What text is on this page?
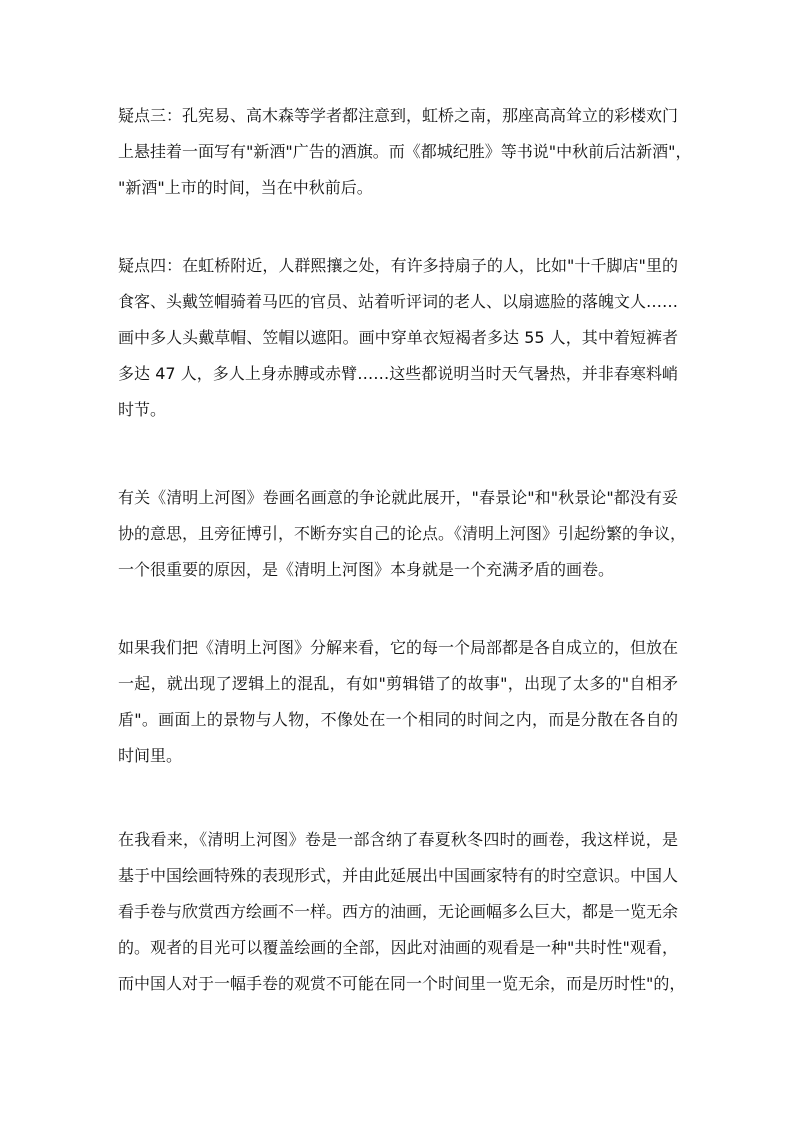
疑点三：孔宪易、高木森等学者都注意到，虹桥之南，那座高高耸立的彩楼欢门
上悬挂着一面写有"新酒"广告的酒旗。而《都城纪胜》等书说"中秋前后沽新酒"，
"新酒"上市的时间，当在中秋前后。
疑点四：在虹桥附近，人群熙攘之处，有许多持扇子的人，比如"十千脚店"里的
食客、头戴笠帽骑着马匹的官员、站着听评词的老人、以扇遮脸的落魄文人……
画中多人头戴草帽、笠帽以遮阳。画中穿单衣短褐者多达 55 人，其中着短裤者
多达 47 人，多人上身赤膊或赤臂……这些都说明当时天气暑热，并非春寒料峭
时节。
有关《清明上河图》卷画名画意的争论就此展开，"春景论"和"秋景论"都没有妥
协的意思，且旁征博引，不断夯实自己的论点。《清明上河图》引起纷繁的争议，
一个很重要的原因，是《清明上河图》本身就是一个充满矛盾的画卷。
如果我们把《清明上河图》分解来看，它的每一个局部都是各自成立的，但放在
一起，就出现了逻辑上的混乱，有如"剪辑错了的故事"，出现了太多的"自相矛
盾"。画面上的景物与人物，不像处在一个相同的时间之内，而是分散在各自的
时间里。
在我看来，《清明上河图》卷是一部含纳了春夏秋冬四时的画卷，我这样说，是
基于中国绘画特殊的表现形式，并由此延展出中国画家特有的时空意识。中国人
看手卷与欣赏西方绘画不一样。西方的油画，无论画幅多么巨大，都是一览无余
的。观者的目光可以覆盖绘画的全部，因此对油画的观看是一种"共时性"观看，
而中国人对于一幅手卷的观赏不可能在同一个时间里一览无余，而是历时性"的，
